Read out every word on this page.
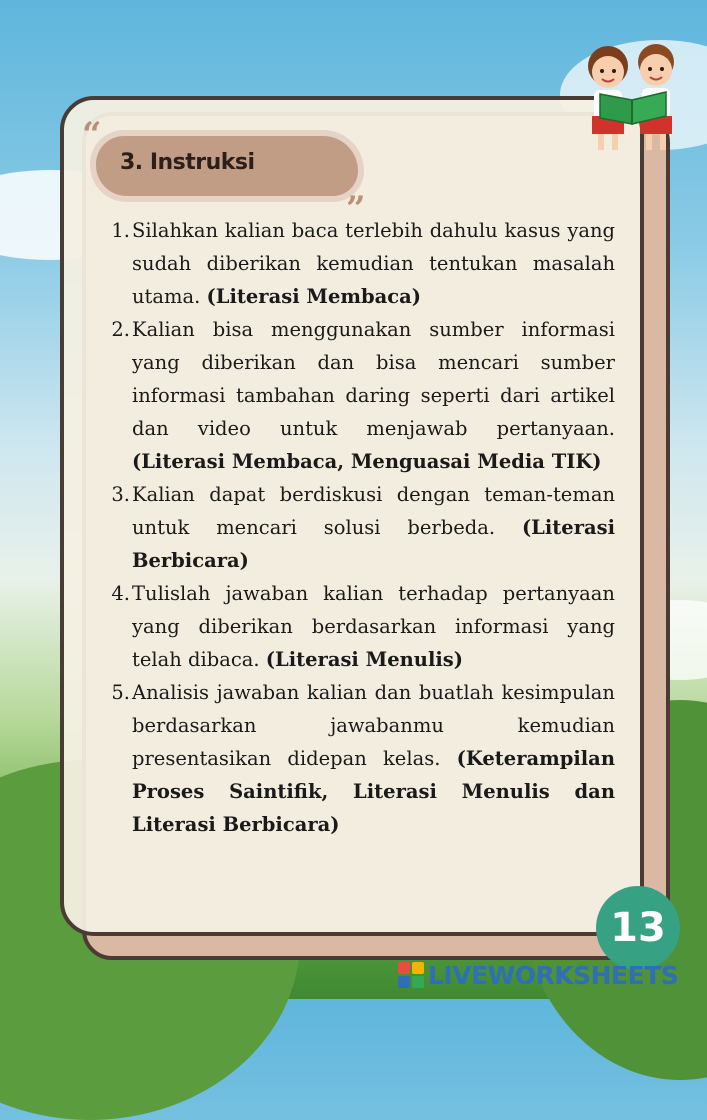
“
”
3. Instruksi
1. Silahkan kalian baca terlebih dahulu kasus yang sudah diberikan kemudian tentukan masalah utama. (Literasi Membaca)
2. Kalian bisa menggunakan sumber informasi yang diberikan dan bisa mencari sumber informasi tambahan daring seperti dari artikel dan video untuk menjawab pertanyaan. (Literasi Membaca, Menguasai Media TIK)
3. Kalian dapat berdiskusi dengan teman-teman untuk mencari solusi berbeda. (Literasi Berbicara)
4. Tulislah jawaban kalian terhadap pertanyaan yang diberikan berdasarkan informasi yang telah dibaca. (Literasi Menulis)
5. Analisis jawaban kalian dan buatlah kesimpulan berdasarkan jawabanmu kemudian presentasikan didepan kelas. (Keterampilan Proses Saintifik, Literasi Menulis dan Literasi Berbicara)
13
LIVEWORKSHEETS
